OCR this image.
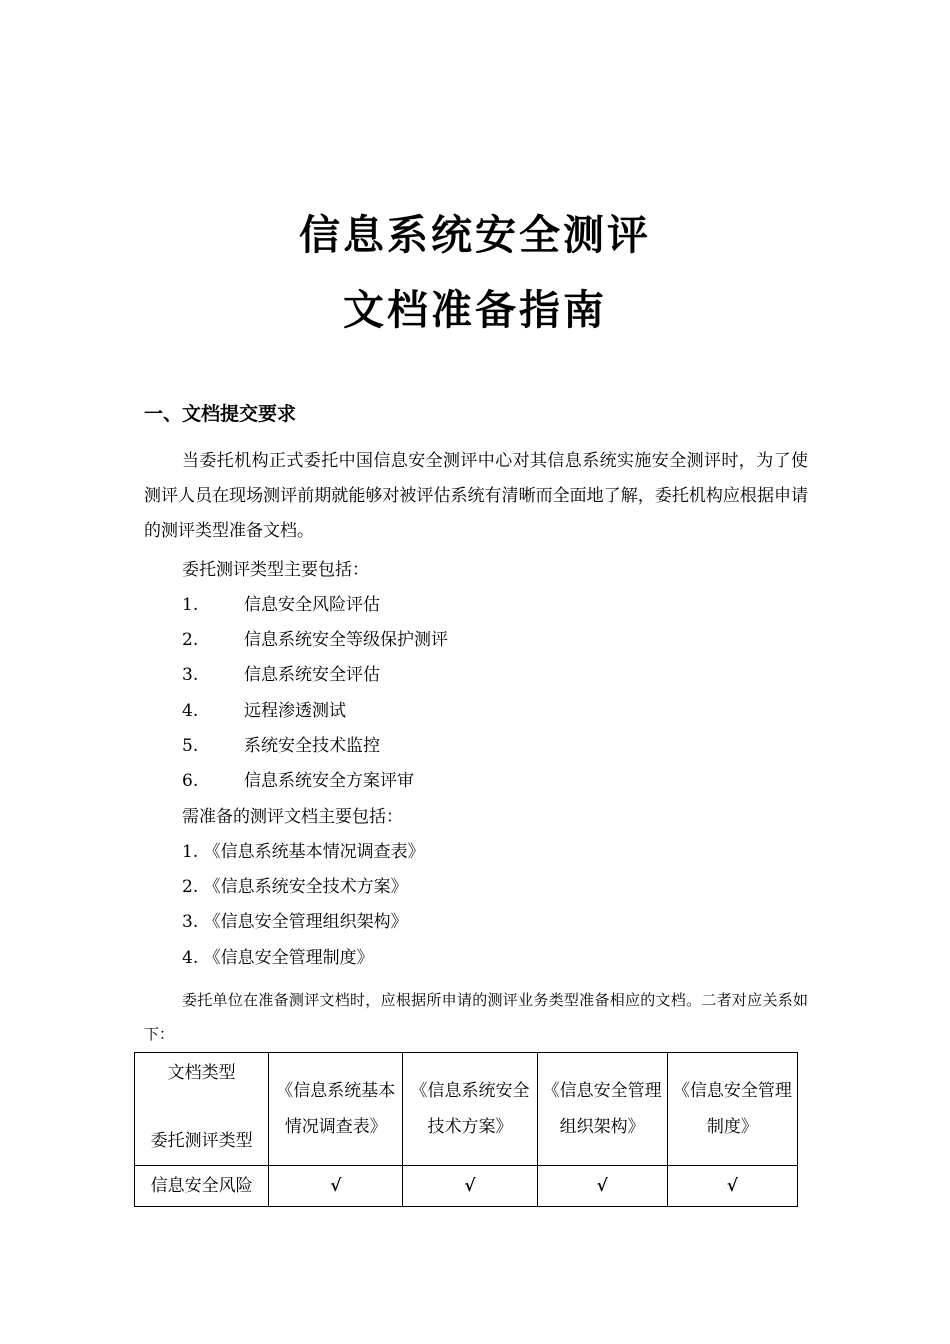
信息系统安全测评
文档准备指南
一、文档提交要求
当委托机构正式委托中国信息安全测评中心对其信息系统实施安全测评时，为了使测评人员在现场测评前期就能够对被评估系统有清晰而全面地了解，委托机构应根据申请的测评类型准备文档。
委托测评类型主要包括：
1.	信息安全风险评估
2.	信息系统安全等级保护测评
3.	信息系统安全评估
4.	远程渗透测试
5.	系统安全技术监控
6.	信息系统安全方案评审
需准备的测评文档主要包括：
1. 《信息系统基本情况调查表》
2. 《信息系统安全技术方案》
3. 《信息安全管理组织架构》
4. 《信息安全管理制度》
委托单位在准备测评文档时，应根据所申请的测评业务类型准备相应的文档。二者对应关系如下：
文档类型
委托测评类型	《信息系统基本情况调查表》	《信息系统安全技术方案》	《信息安全管理组织架构》	《信息安全管理制度》
信息安全风险	√	√	√	√
